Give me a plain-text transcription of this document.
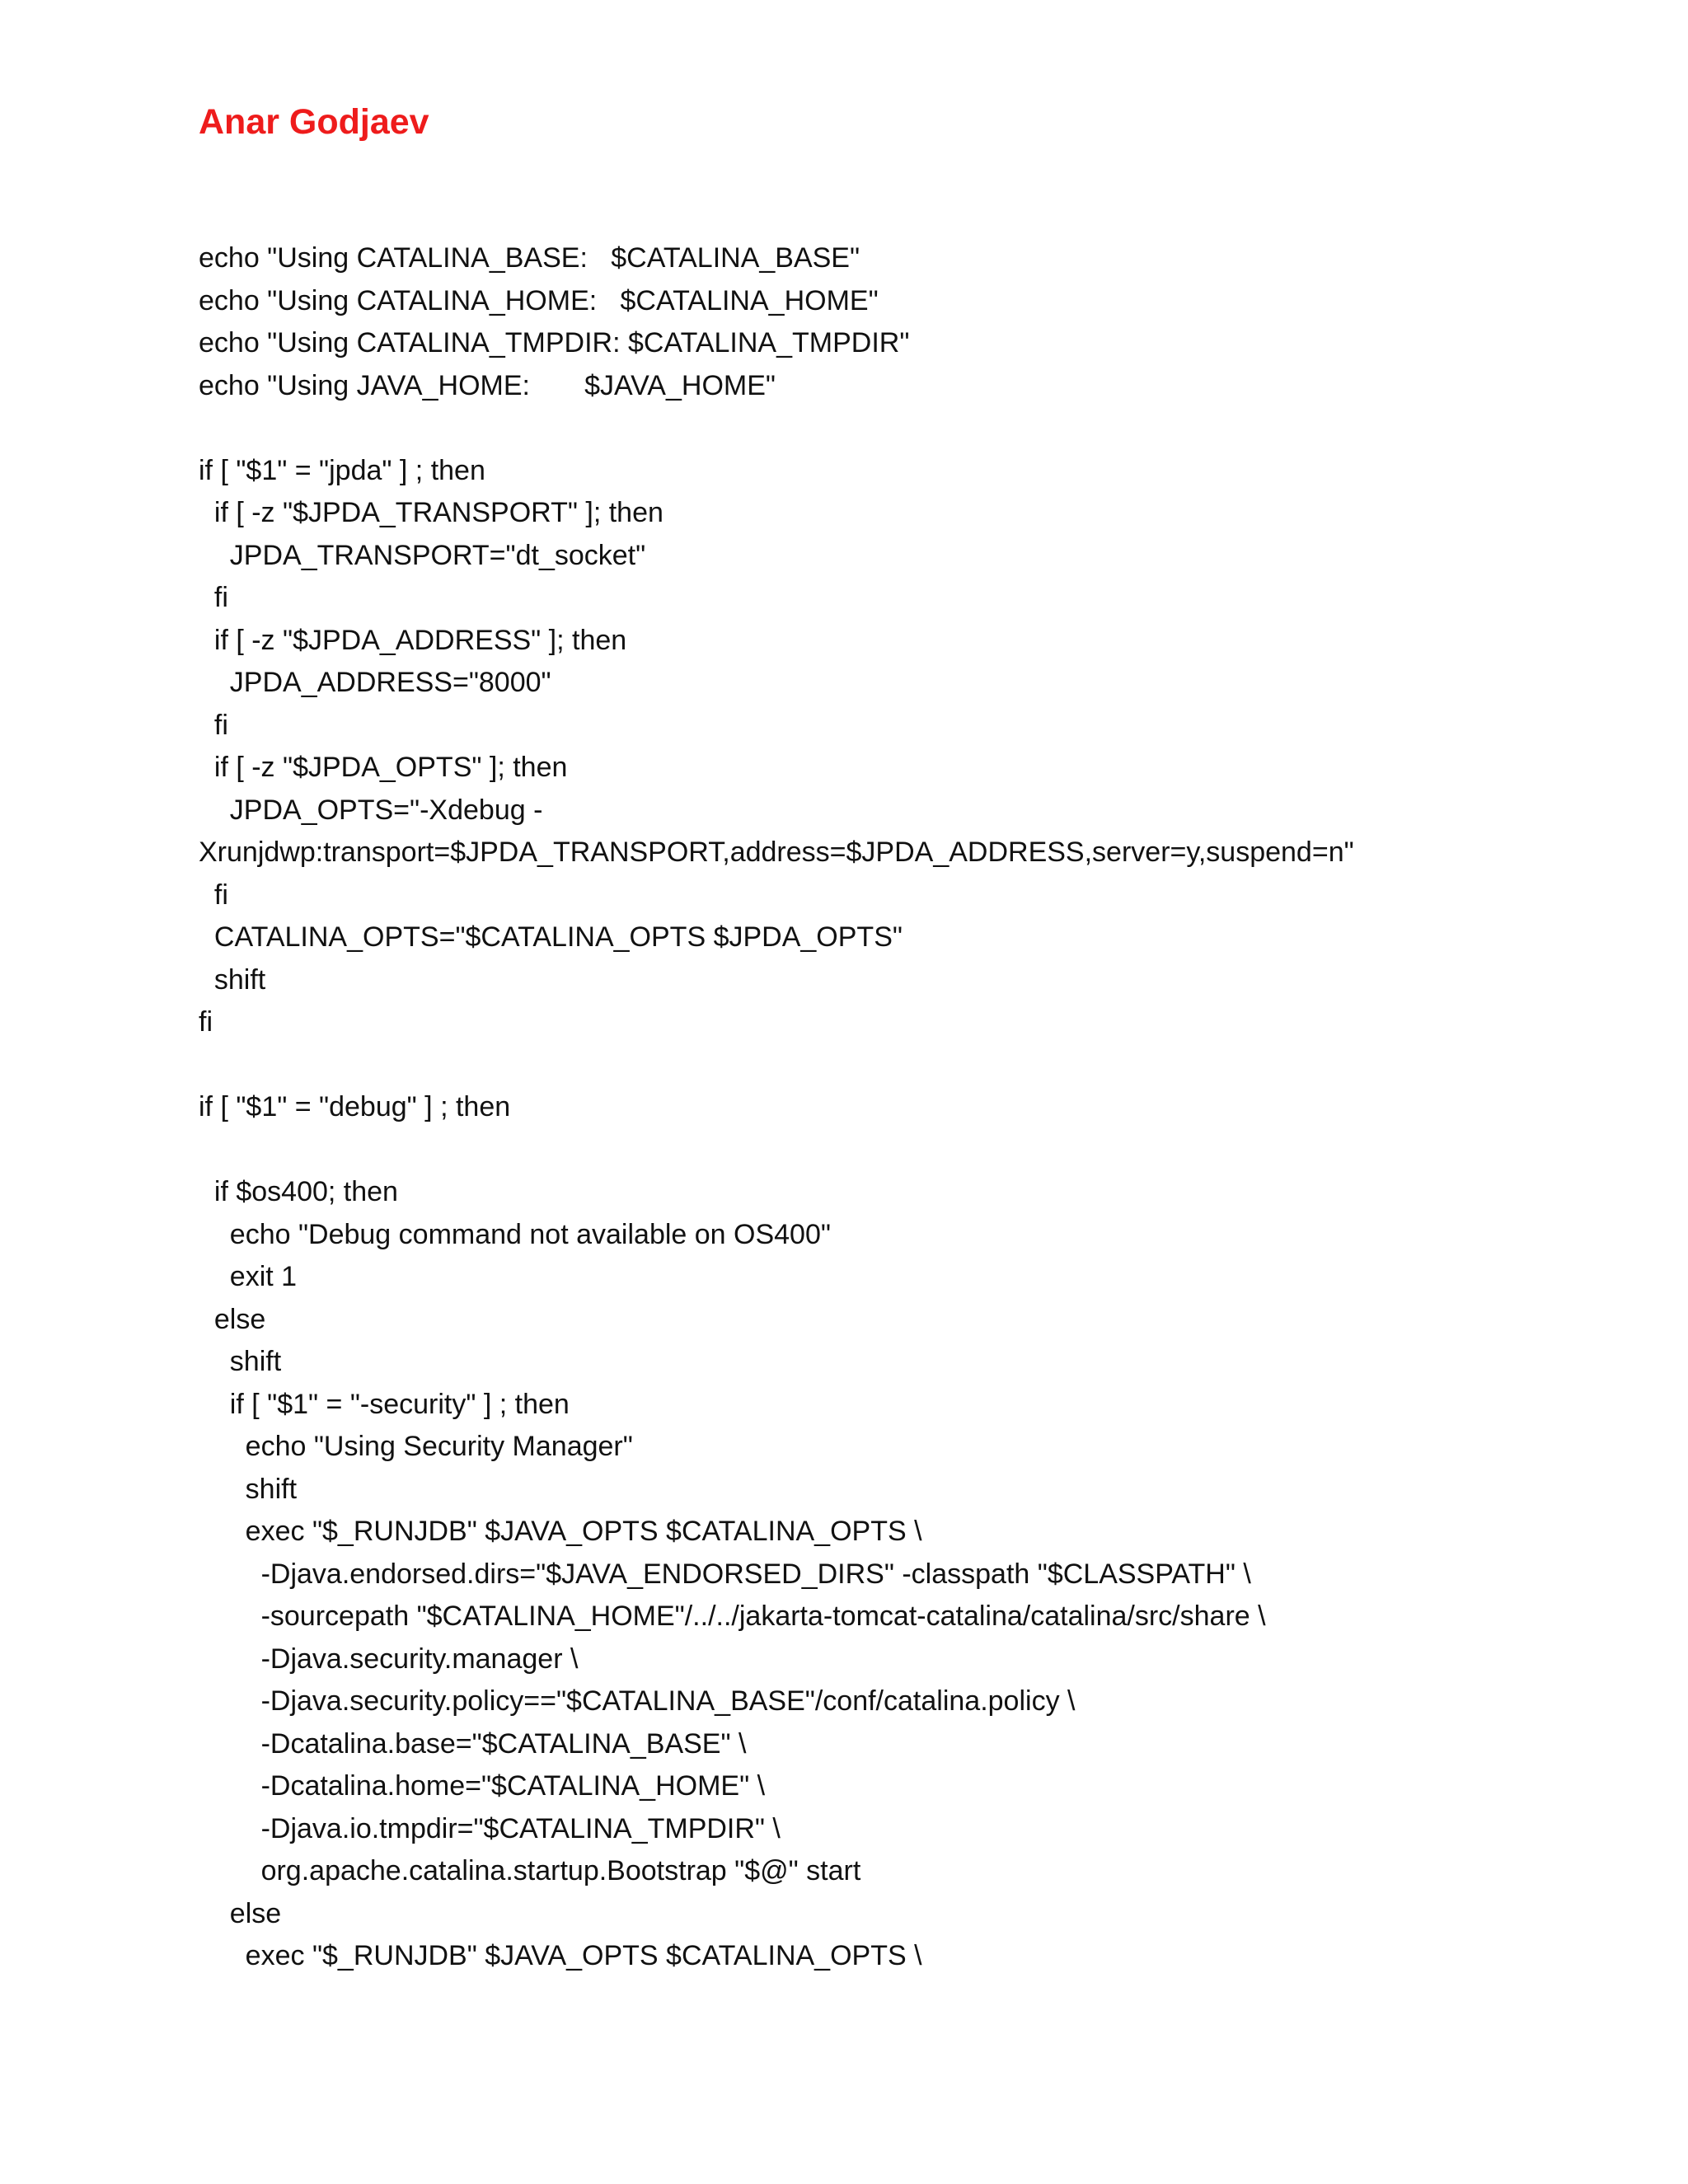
Anar Godjaev
echo "Using CATALINA_BASE:   $CATALINA_BASE"
echo "Using CATALINA_HOME:   $CATALINA_HOME"
echo "Using CATALINA_TMPDIR: $CATALINA_TMPDIR"
echo "Using JAVA_HOME:       $JAVA_HOME"
if [ "$1" = "jpda" ] ; then
if [ -z "$JPDA_TRANSPORT" ]; then
JPDA_TRANSPORT="dt_socket"
fi
if [ -z "$JPDA_ADDRESS" ]; then
JPDA_ADDRESS="8000"
fi
if [ -z "$JPDA_OPTS" ]; then
JPDA_OPTS="-Xdebug -
Xrunjdwp:transport=$JPDA_TRANSPORT,address=$JPDA_ADDRESS,server=y,suspend=n"
fi
CATALINA_OPTS="$CATALINA_OPTS $JPDA_OPTS"
shift
fi
if [ "$1" = "debug" ] ; then
if $os400; then
echo "Debug command not available on OS400"
exit 1
else
shift
if [ "$1" = "-security" ] ; then
echo "Using Security Manager"
shift
exec "$_RUNJDB" $JAVA_OPTS $CATALINA_OPTS \
-Djava.endorsed.dirs="$JAVA_ENDORSED_DIRS" -classpath "$CLASSPATH" \
-sourcepath "$CATALINA_HOME"/../../jakarta-tomcat-catalina/catalina/src/share \
-Djava.security.manager \
-Djava.security.policy=="$CATALINA_BASE"/conf/catalina.policy \
-Dcatalina.base="$CATALINA_BASE" \
-Dcatalina.home="$CATALINA_HOME" \
-Djava.io.tmpdir="$CATALINA_TMPDIR" \
org.apache.catalina.startup.Bootstrap "$@" start
else
exec "$_RUNJDB" $JAVA_OPTS $CATALINA_OPTS \
